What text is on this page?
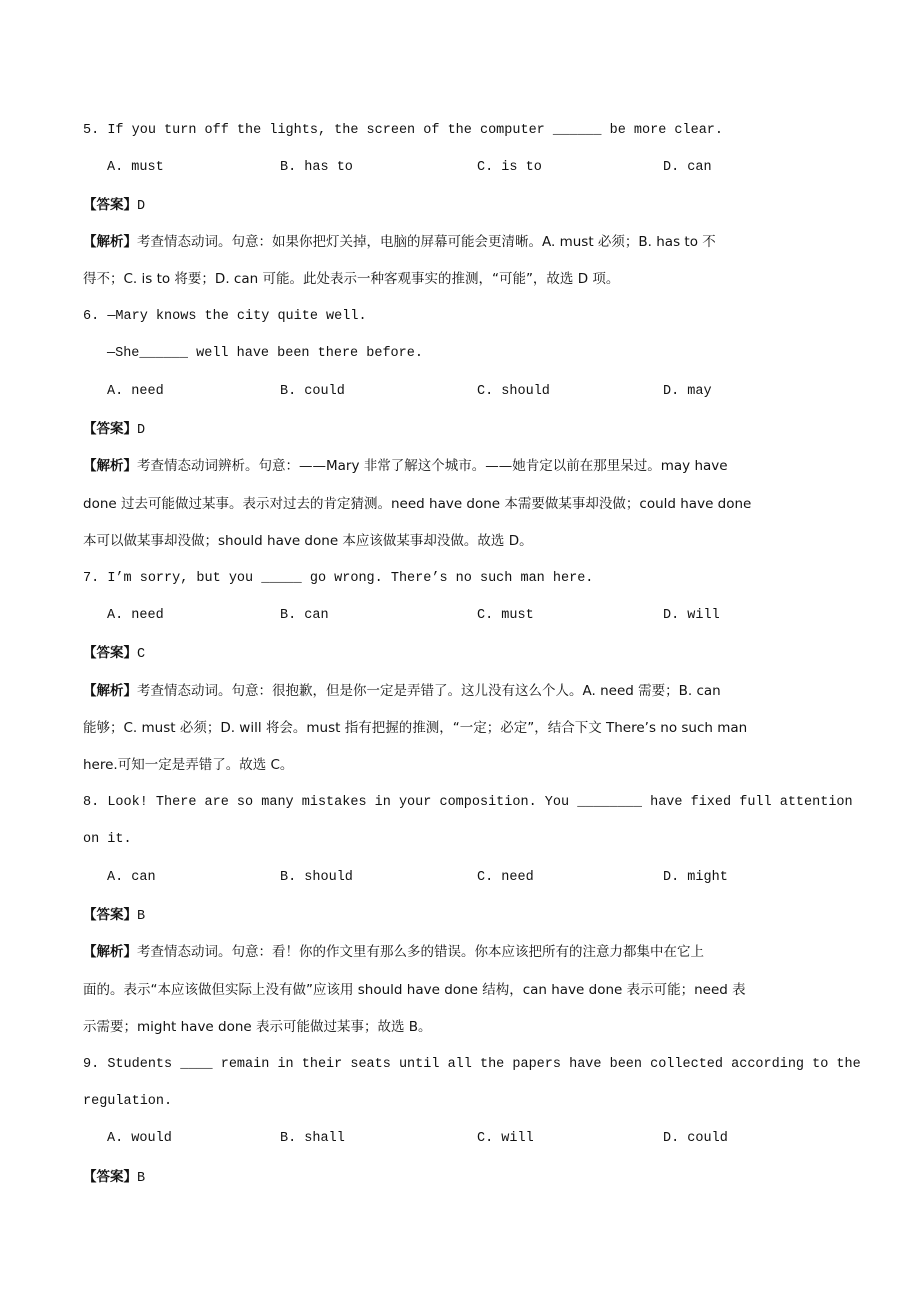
5. If you turn off the lights, the screen of the computer ______ be more clear.
A. must	B. has to	C. is to	D. can
【答案】D
【解析】考查情态动词。句意：如果你把灯关掉，电脑的屏幕可能会更清晰。A. must 必须；B. has to 不
得不；C. is to 将要；D. can 可能。此处表示一种客观事实的推测，“可能”，故选 D 项。
6. —Mary knows the city quite well.
—She______ well have been there before.
A. need	B. could	C. should	D. may
【答案】D
【解析】考查情态动词辨析。句意：——Mary 非常了解这个城市。——她肯定以前在那里呆过。may have
done 过去可能做过某事。表示对过去的肯定猜测。need have done 本需要做某事却没做；could have done
本可以做某事却没做；should have done 本应该做某事却没做。故选 D。
7. I’m sorry, but you _____ go wrong. There’s no such man here.
A. need	B. can	C. must	D. will
【答案】C
【解析】考查情态动词。句意：很抱歉，但是你一定是弄错了。这儿没有这么个人。A. need 需要；B. can
能够；C. must 必须；D. will 将会。must 指有把握的推测，“一定；必定”，结合下文 There’s no such man
here.可知一定是弄错了。故选 C。
8. Look! There are so many mistakes in your composition. You ________ have fixed full attention
on it.
A. can	B. should	C. need	D. might
【答案】B
【解析】考查情态动词。句意：看！你的作文里有那么多的错误。你本应该把所有的注意力都集中在它上
面的。表示“本应该做但实际上没有做”应该用 should have done 结构，can have done 表示可能；need 表
示需要；might have done 表示可能做过某事；故选 B。
9. Students ____ remain in their seats until all the papers have been collected according to the
regulation.
A. would	B. shall	C. will	D. could
【答案】B
